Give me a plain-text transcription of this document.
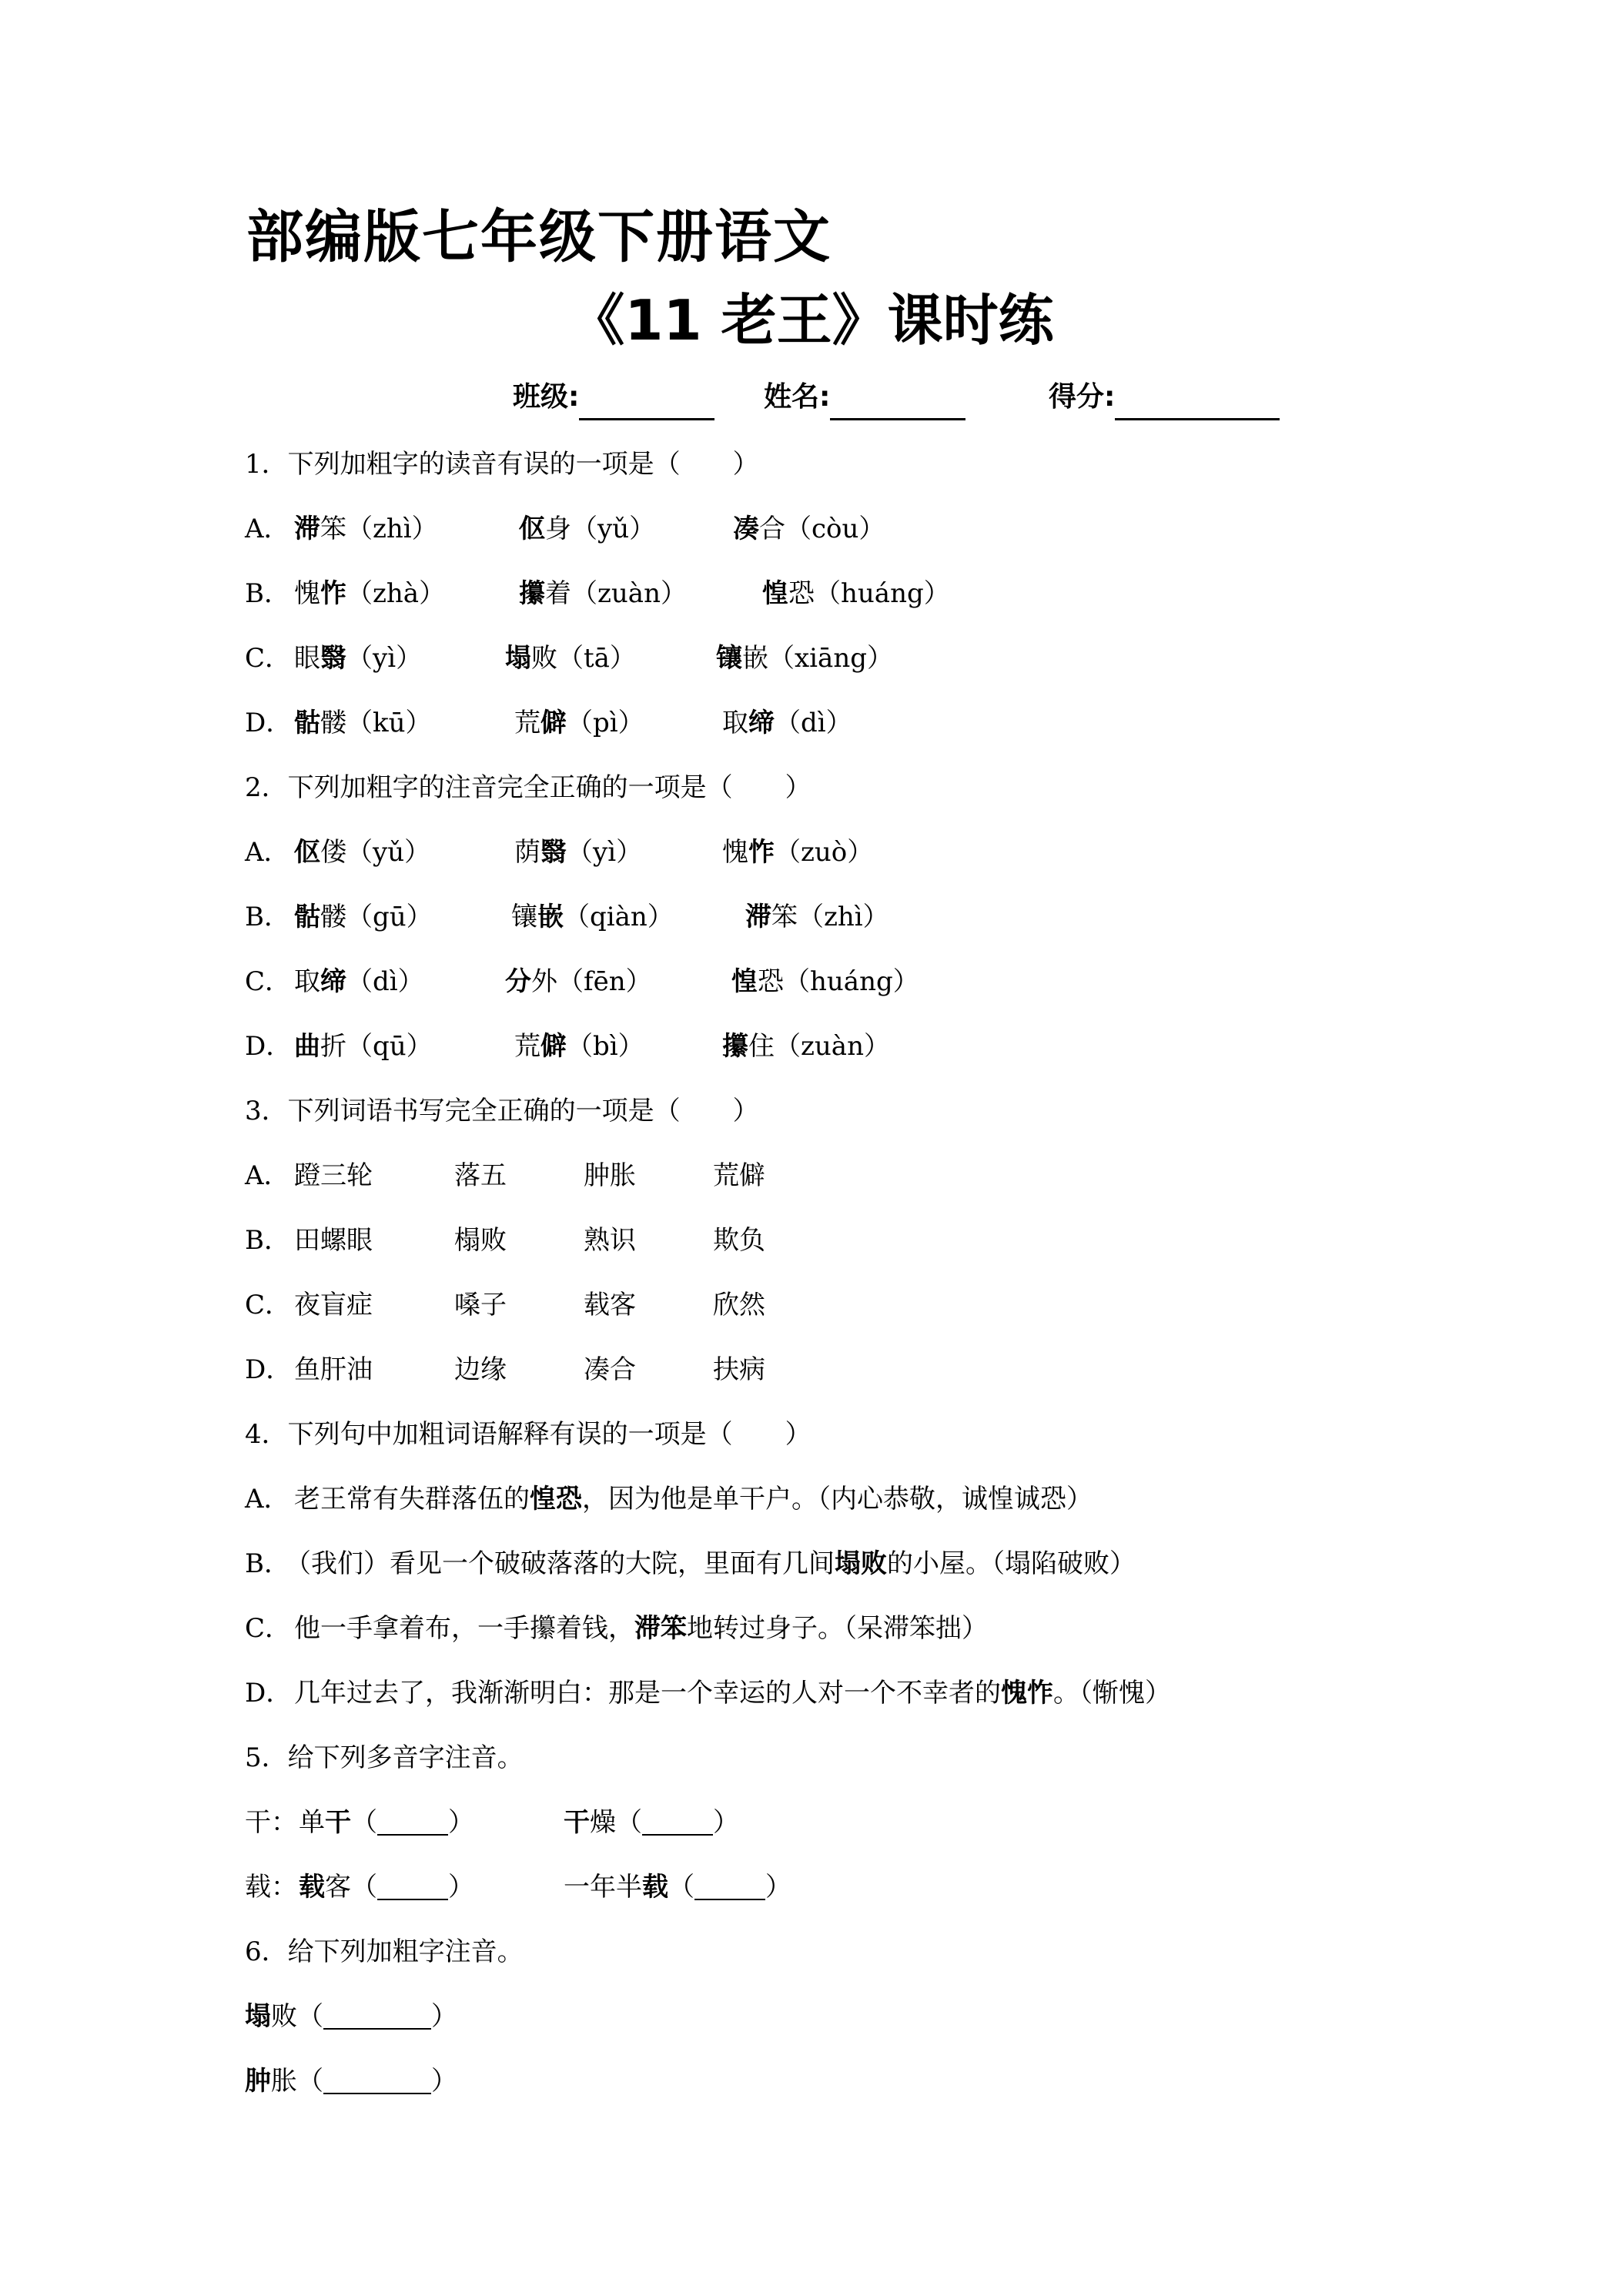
部编版七年级下册语文
《11 老王》课时练
班级:	姓名:	得分:
1．下列加粗字的读音有误的一项是（　　）
A． 滞笨（zhì）	伛身（yǔ）	凑合（còu）
B． 愧怍（zhà）	攥着（zuàn）	惶恐（huáng）
C． 眼翳（yì）	塌败（tā）	镶嵌（xiāng）
D． 骷髅（kū）	荒僻（pì）	取缔（dì）
2．下列加粗字的注音完全正确的一项是（　　）
A． 伛偻（yǔ）	荫翳（yì）	愧怍（zuò）
B． 骷髅（gū）	镶嵌（qiàn）	滞笨（zhì）
C． 取缔（dì）	分外（fēn）	惶恐（huáng）
D． 曲折（qū）	荒僻（bì）	攥住（zuàn）
3．下列词语书写完全正确的一项是（　　）
A． 蹬三轮	落五	肿胀	荒僻
B． 田螺眼	榻败	熟识	欺负
C． 夜盲症	嗓子	载客	欣然
D． 鱼肝油	边缘	凑合	扶病
4．下列句中加粗词语解释有误的一项是（　　）
A． 老王常有失群落伍的惶恐，因为他是单干户。（内心恭敬，诚惶诚恐）
B．
（我们）看见一个破破落落的大院，里面有几间塌败的小屋。（塌陷破败）
C． 他一手拿着布，一手攥着钱，滞笨地转过身子。（呆滞笨拙）
D． 几年过去了，我渐渐明白：那是一个幸运的人对一个不幸者的愧怍。（惭愧）
5．给下列多音字注音。
干： 单干（	）	干燥（	）
载： 载客（	）	一年半载（	）
6．给下列加粗字注音。
塌败（	）
肿胀（	）
